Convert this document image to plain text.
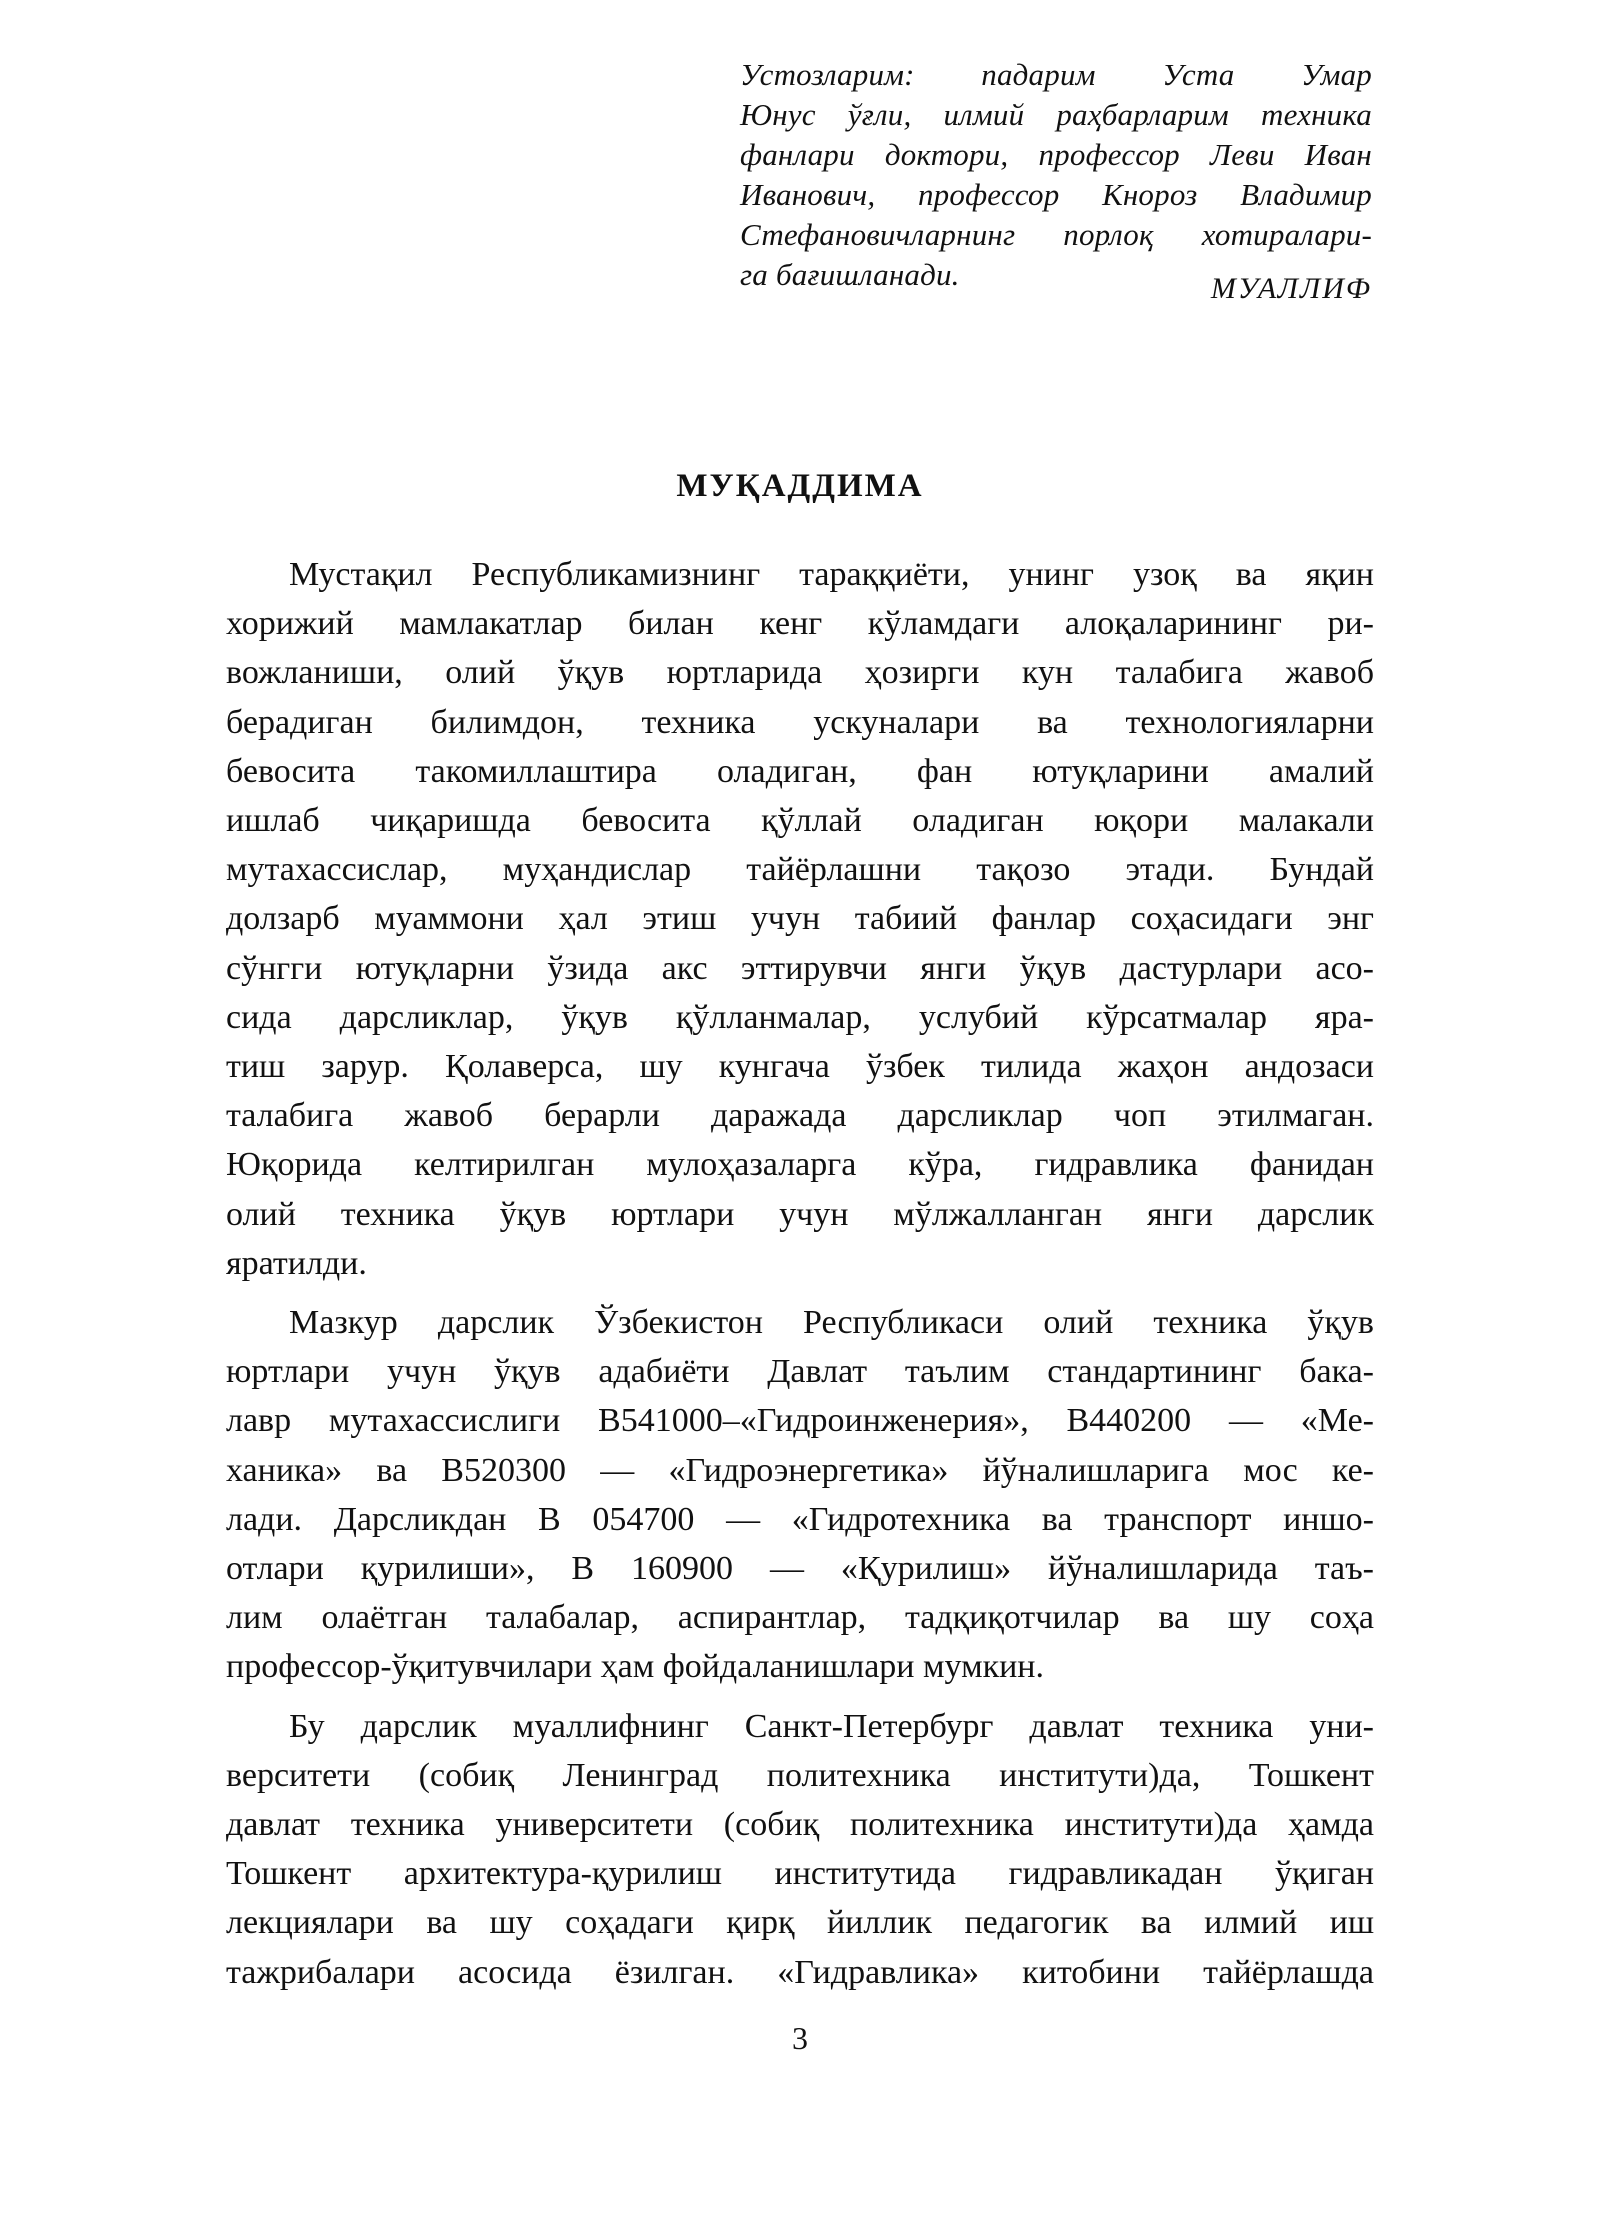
Устозларим: падарим Уста Умар
Юнус ўғли, илмий раҳбарларим техника
фанлари доктори, профессор Леви Иван
Иванович, профессор Кнороз Владимир
Стефановичларнинг порлоқ хотиралари-
га бағишланади.	МУАЛЛИФ
МУҚАДДИМА
Мустақил Республикамизнинг тараққиёти, унинг узоқ ва яқин
хорижий мамлакатлар билан кенг кўламдаги алоқаларининг ри-
вожланиши, олий ўқув юртларида ҳозирги кун талабига жавоб
берадиган билимдон, техника ускуналари ва технологияларни
бевосита такомиллаштира оладиган, фан ютуқларини амалий
ишлаб чиқаришда бевосита қўллай оладиган юқори малакали
мутахассислар, муҳандислар тайёрлашни тақозо этади. Бундай
долзарб муаммони ҳал этиш учун табиий фанлар соҳасидаги энг
сўнгги ютуқларни ўзида акс эттирувчи янги ўқув дастурлари асо-
сида дарсликлар, ўқув қўлланмалар, услубий кўрсатмалар яра-
тиш зарур. Қолаверса, шу кунгача ўзбек тилида жаҳон андозаси
талабига жавоб берарли даражада дарсликлар чоп этилмаган.
Юқорида келтирилган мулоҳазаларга кўра, гидравлика фанидан
олий техника ўқув юртлари учун мўлжалланган янги дарслик
яратилди.
Мазкур дарслик Ўзбекистон Республикаси олий техника ўқув
юртлари учун ўқув адабиёти Давлат таълим стандартининг бака-
лавр мутахассислиги В541000–«Гидроинженерия», В440200 — «Ме-
ханика» ва В520300 — «Гидроэнергетика» йўналишларига мос ке-
лади. Дарсликдан В 054700 — «Гидротехника ва транспорт иншо-
отлари қурилиши», В 160900 — «Қурилиш» йўналишларида таъ-
лим олаётган талабалар, аспирантлар, тадқиқотчилар ва шу соҳа
профессор-ўқитувчилари ҳам фойдаланишлари мумкин.
Бу дарслик муаллифнинг Санкт-Петербург давлат техника уни-
верситети (собиқ Ленинград политехника институти)да, Тошкент
давлат техника университети (собиқ политехника институти)да ҳамда
Тошкент архитектура-қурилиш институтида гидравликадан ўқиган
лекциялари ва шу соҳадаги қирқ йиллик педагогик ва илмий иш
тажрибалари асосида ёзилган. «Гидравлика» китобини тайёрлашда
3
